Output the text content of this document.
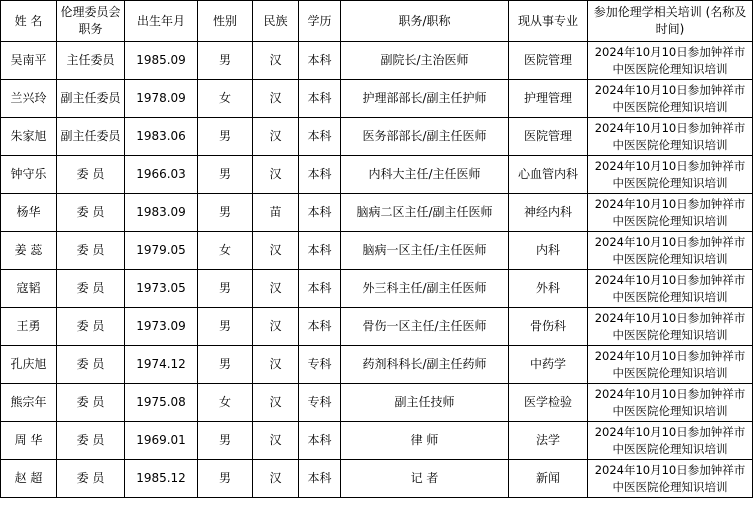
姓 名	伦理委员会 职务	出生年月	性别	民族	学历	职务/职称	现从事专业	参加伦理学相关培训 (名称及时间)
吴南平	主任委员	1985.09	男	汉	本科	副院长/主治医师	医院管理	2024年10月10日参加钟祥市中医医院伦理知识培训
兰兴玲	副主任委员	1978.09	女	汉	本科	护理部部长/副主任护师	护理管理	2024年10月10日参加钟祥市中医医院伦理知识培训
朱家旭	副主任委员	1983.06	男	汉	本科	医务部部长/副主任医师	医院管理	2024年10月10日参加钟祥市中医医院伦理知识培训
钟守乐	委 员	1966.03	男	汉	本科	内科大主任/主任医师	心血管内科	2024年10月10日参加钟祥市中医医院伦理知识培训
杨华	委 员	1983.09	男	苗	本科	脑病二区主任/副主任医师	神经内科	2024年10月10日参加钟祥市中医医院伦理知识培训
姜 蕊	委 员	1979.05	女	汉	本科	脑病一区主任/主任医师	内科	2024年10月10日参加钟祥市中医医院伦理知识培训
寇韬	委 员	1973.05	男	汉	本科	外三科主任/副主任医师	外科	2024年10月10日参加钟祥市中医医院伦理知识培训
王勇	委 员	1973.09	男	汉	本科	骨伤一区主任/主任医师	骨伤科	2024年10月10日参加钟祥市中医医院伦理知识培训
孔庆旭	委 员	1974.12	男	汉	专科	药剂科科长/副主任药师	中药学	2024年10月10日参加钟祥市中医医院伦理知识培训
熊宗年	委 员	1975.08	女	汉	专科	副主任技师	医学检验	2024年10月10日参加钟祥市中医医院伦理知识培训
周 华	委 员	1969.01	男	汉	本科	律 师	法学	2024年10月10日参加钟祥市中医医院伦理知识培训
赵 超	委 员	1985.12	男	汉	本科	记 者	新闻	2024年10月10日参加钟祥市中医医院伦理知识培训
